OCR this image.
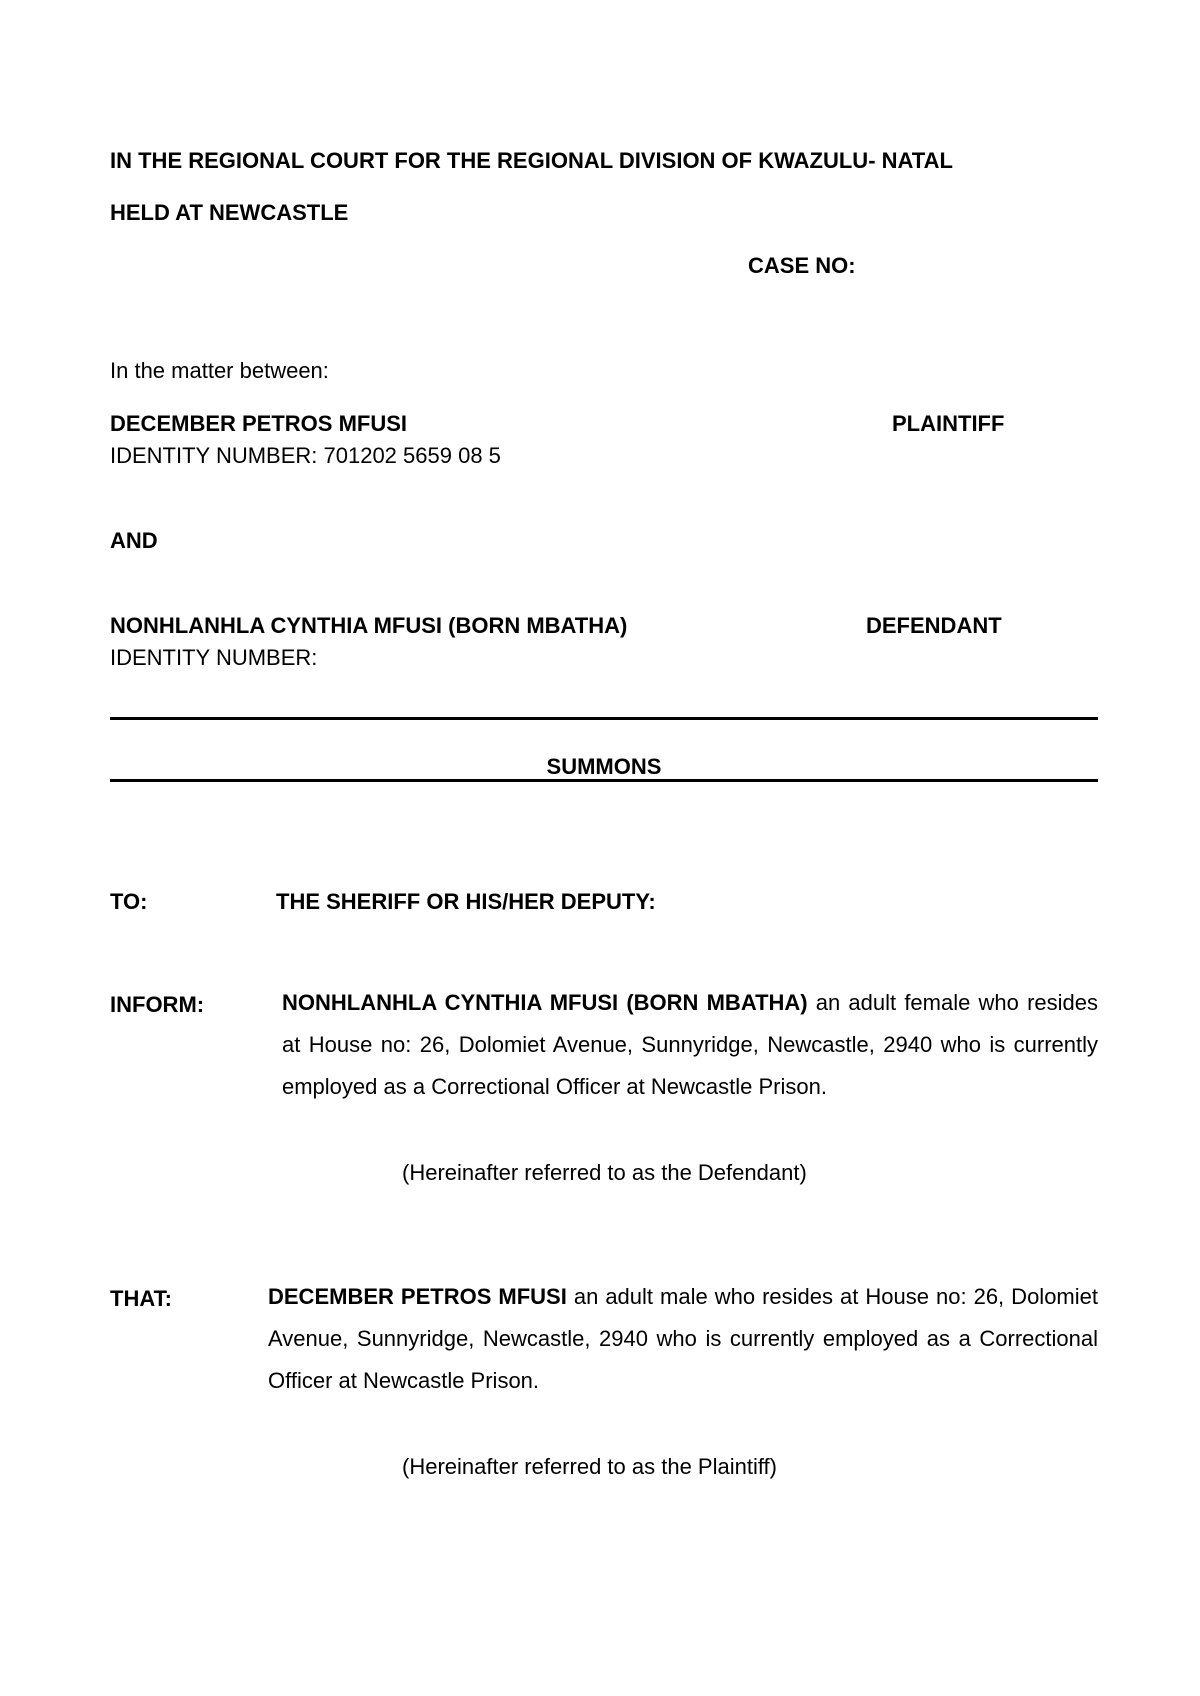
IN THE REGIONAL COURT FOR THE REGIONAL DIVISION OF KWAZULU- NATAL
HELD AT NEWCASTLE
CASE NO:
In the matter between:
DECEMBER PETROS MFUSI	PLAINTIFF
IDENTITY NUMBER: 701202 5659 08 5
AND
NONHLANHLA CYNTHIA MFUSI (BORN MBATHA)	DEFENDANT
IDENTITY NUMBER:
SUMMONS
TO:	THE SHERIFF OR HIS/HER DEPUTY:
INFORM:	NONHLANHLA CYNTHIA MFUSI (BORN MBATHA) an adult female who resides at House no: 26, Dolomiet Avenue, Sunnyridge, Newcastle, 2940 who is currently employed as a Correctional Officer at Newcastle Prison.
(Hereinafter referred to as the Defendant)
THAT:	DECEMBER PETROS MFUSI an adult male who resides at House no: 26, Dolomiet Avenue, Sunnyridge, Newcastle, 2940 who is currently employed as a Correctional Officer at Newcastle Prison.
(Hereinafter referred to as the Plaintiff)
